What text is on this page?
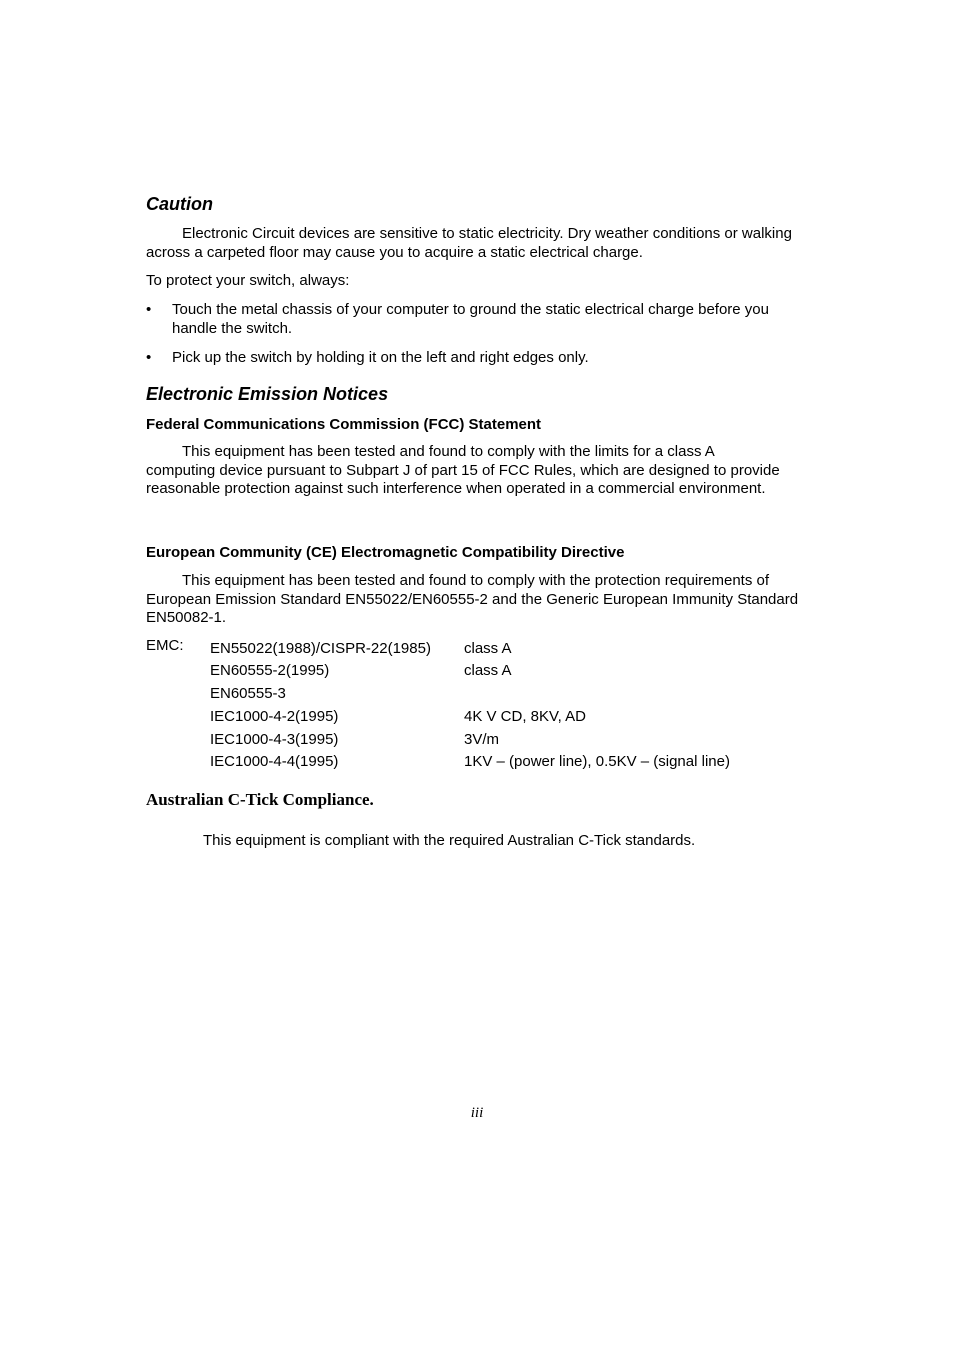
Caution
Electronic Circuit devices are sensitive to static electricity. Dry weather conditions or walking across a carpeted floor may cause you to acquire a static electrical charge.
To protect your switch, always:
• Touch the metal chassis of your computer to ground the static electrical charge before you handle the switch.
• Pick up the switch by holding it on the left and right edges only.
Electronic Emission Notices
Federal Communications Commission (FCC) Statement
This equipment has been tested and found to comply with the limits for a class A computing device pursuant to Subpart J of part 15 of FCC Rules, which are designed to provide reasonable protection against such interference when operated in a commercial environment.
European Community (CE) Electromagnetic Compatibility Directive
This equipment has been tested and found to comply with the protection requirements of European Emission Standard EN55022/EN60555-2 and the Generic European Immunity Standard EN50082-1.
EMC: EN55022(1988)/CISPR-22(1985) class A
EN60555-2(1995)	class A
EN60555-3
IEC1000-4-2(1995)	4K V CD, 8KV, AD
IEC1000-4-3(1995)	3V/m
IEC1000-4-4(1995)	1KV – (power line), 0.5KV – (signal line)
Australian C-Tick Compliance.
This equipment is compliant with the required Australian C-Tick standards.
iii
